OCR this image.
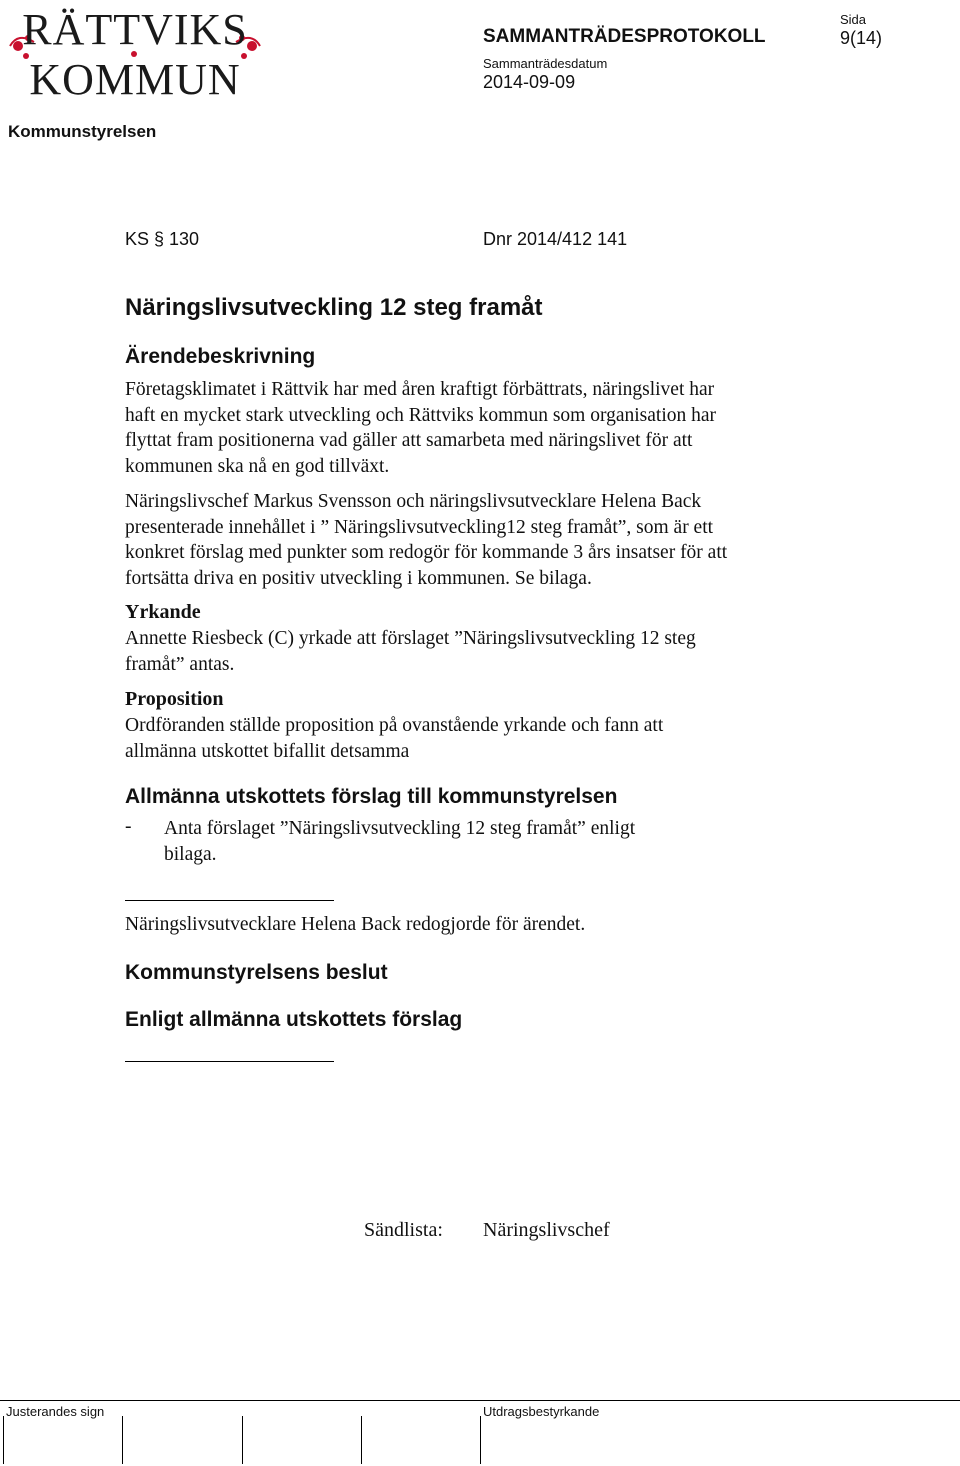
RÄTTVIKS
KOMMUN
SAMMANTRÄDESPROTOKOLL
Sida
9(14)
Sammanträdesdatum
2014-09-09
Kommunstyrelsen
KS § 130	Dnr 2014/412 141
Näringslivsutveckling 12 steg framåt
Ärendebeskrivning
Företagsklimatet i Rättvik har med åren kraftigt förbättrats, näringslivet har
haft en mycket stark utveckling och Rättviks kommun som organisation har
flyttat fram positionerna vad gäller att samarbeta med näringslivet för att
kommunen ska nå en god tillväxt.
Näringslivschef Markus Svensson och näringslivsutvecklare Helena Back
presenterade innehållet i ” Näringslivsutveckling12 steg framåt”, som är ett
konkret förslag med punkter som redogör för kommande 3 års insatser för att
fortsätta driva en positiv utveckling i kommunen. Se bilaga.
Yrkande
Annette Riesbeck (C) yrkade att förslaget ”Näringslivsutveckling 12 steg
framåt” antas.
Proposition
Ordföranden ställde proposition på ovanstående yrkande och fann att
allmänna utskottet bifallit detsamma
Allmänna utskottets förslag till kommunstyrelsen
- Anta förslaget ”Näringslivsutveckling 12 steg framåt” enligt
bilaga.
Näringslivsutvecklare Helena Back redogjorde för ärendet.
Kommunstyrelsens beslut
Enligt allmänna utskottets förslag
Sändlista: Näringslivschef
Justerandes sign	Utdragsbestyrkande
